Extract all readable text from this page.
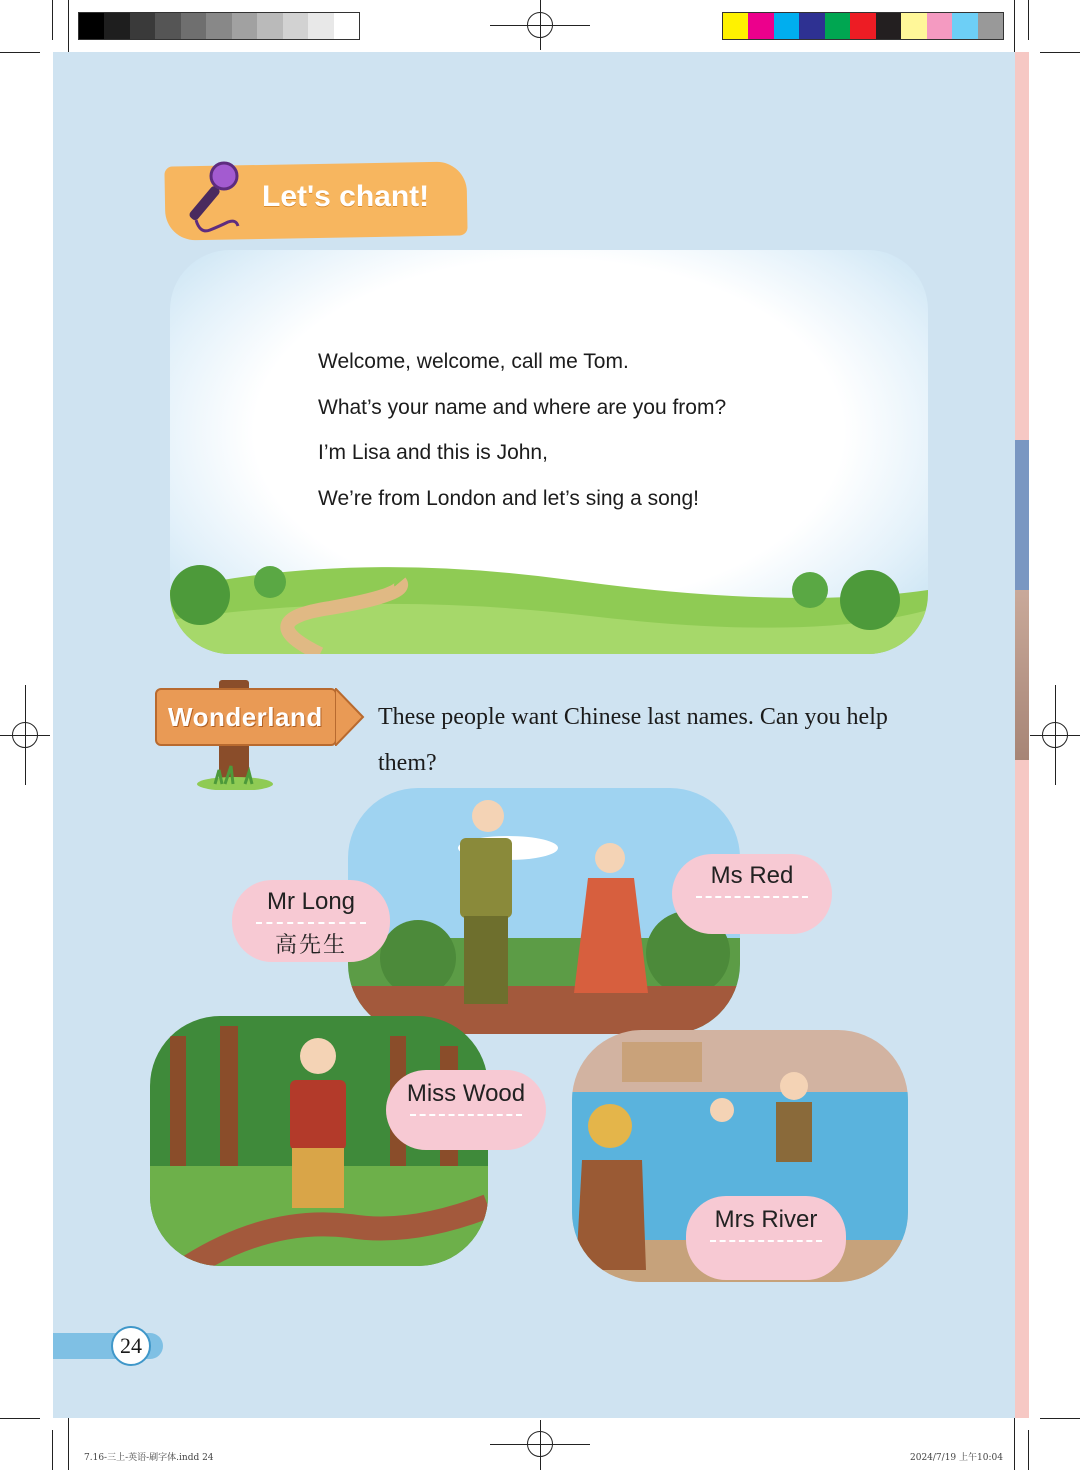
Let's chant!
Welcome, welcome, call me Tom.
What’s your name and where are you from?
I’m Lisa and this is John,
We’re from London and let’s sing a song!
Wonderland These people want Chinese last names. Can you help them?
Mr Long
高先生
Ms Red
Miss Wood
Mrs River
24
7.16-三上-英语-刷字体.indd 24	2024/7/19 上午10:04
